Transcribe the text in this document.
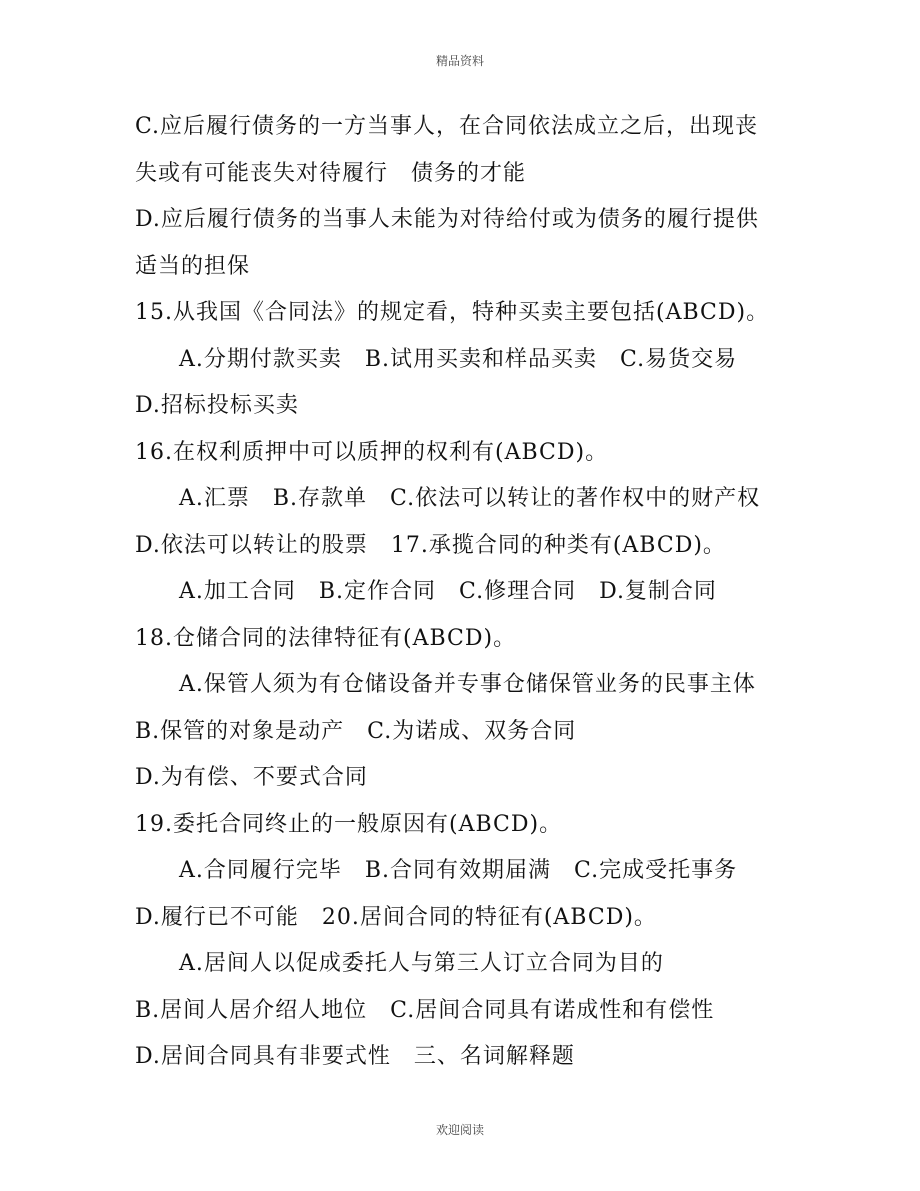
精品资料
C.应后履行债务的一方当事人，在合同依法成立之后，出现丧
失或有可能丧失对待履行　债务的才能
D.应后履行债务的当事人未能为对待给付或为债务的履行提供
适当的担保
15.从我国《合同法》的规定看，特种买卖主要包括(ABCD)。
A.分期付款买卖　B.试用买卖和样品买卖　C.易货交易
D.招标投标买卖
16.在权利质押中可以质押的权利有(ABCD)。
A.汇票　B.存款单　C.依法可以转让的著作权中的财产权
D.依法可以转让的股票　17.承揽合同的种类有(ABCD)。
A.加工合同　B.定作合同　C.修理合同　D.复制合同
18.仓储合同的法律特征有(ABCD)。
A.保管人须为有仓储设备并专事仓储保管业务的民事主体
B.保管的对象是动产　C.为诺成、双务合同
D.为有偿、不要式合同
19.委托合同终止的一般原因有(ABCD)。
A.合同履行完毕　B.合同有效期届满　C.完成受托事务
D.履行已不可能　20.居间合同的特征有(ABCD)。
A.居间人以促成委托人与第三人订立合同为目的
B.居间人居介绍人地位　C.居间合同具有诺成性和有偿性
D.居间合同具有非要式性　三、名词解释题
欢迎阅读
